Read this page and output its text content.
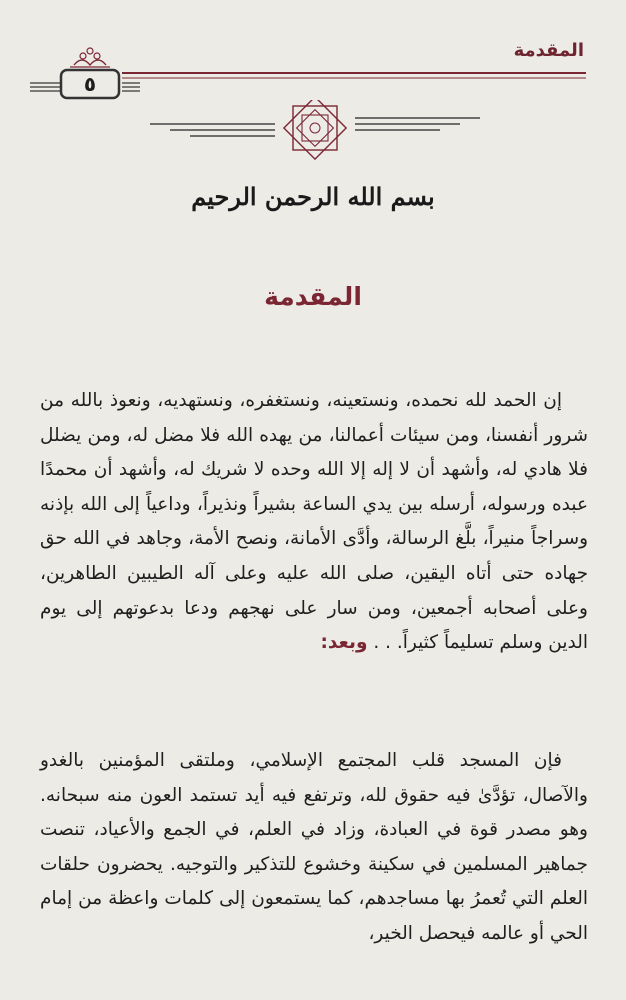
المقدمة
٥
بسم الله الرحمن الرحيم
المقدمة
إن الحمد لله نحمده، ونستعينه، ونستغفره، ونستهديه، ونعوذ بالله من شرور أنفسنا، ومن سيئات أعمالنا، من يهده الله فلا مضل له، ومن يضلل فلا هادي له، وأشهد أن لا إله إلا الله وحده لا شريك له، وأشهد أن محمدًا عبده ورسوله، أرسله بين يدي الساعة بشيراً ونذيراً، وداعياً إلى الله بإذنه وسراجاً منيراً، بلَّغ الرسالة، وأدَّى الأمانة، ونصح الأمة، وجاهد في الله حق جهاده حتى أتاه اليقين، صلى الله عليه وعلى آله الطيبين الطاهرين، وعلى أصحابه أجمعين، ومن سار على نهجهم ودعا بدعوتهم إلى يوم الدين وسلم تسليماً كثيراً. . . وبعد:
فإن المسجد قلب المجتمع الإسلامي، وملتقى المؤمنين بالغدو والآصال، تؤدَّىٰ فيه حقوق لله، وترتفع فيه أيد تستمد العون منه سبحانه. وهو مصدر قوة في العبادة، وزاد في العلم، في الجمع والأعياد، تنصت جماهير المسلمين في سكينة وخشوع للتذكير والتوجيه. يحضرون حلقات العلم التي تُعمرُ بها مساجدهم، كما يستمعون إلى كلمات واعظة من إمام الحي أو عالمه فيحصل الخير،
